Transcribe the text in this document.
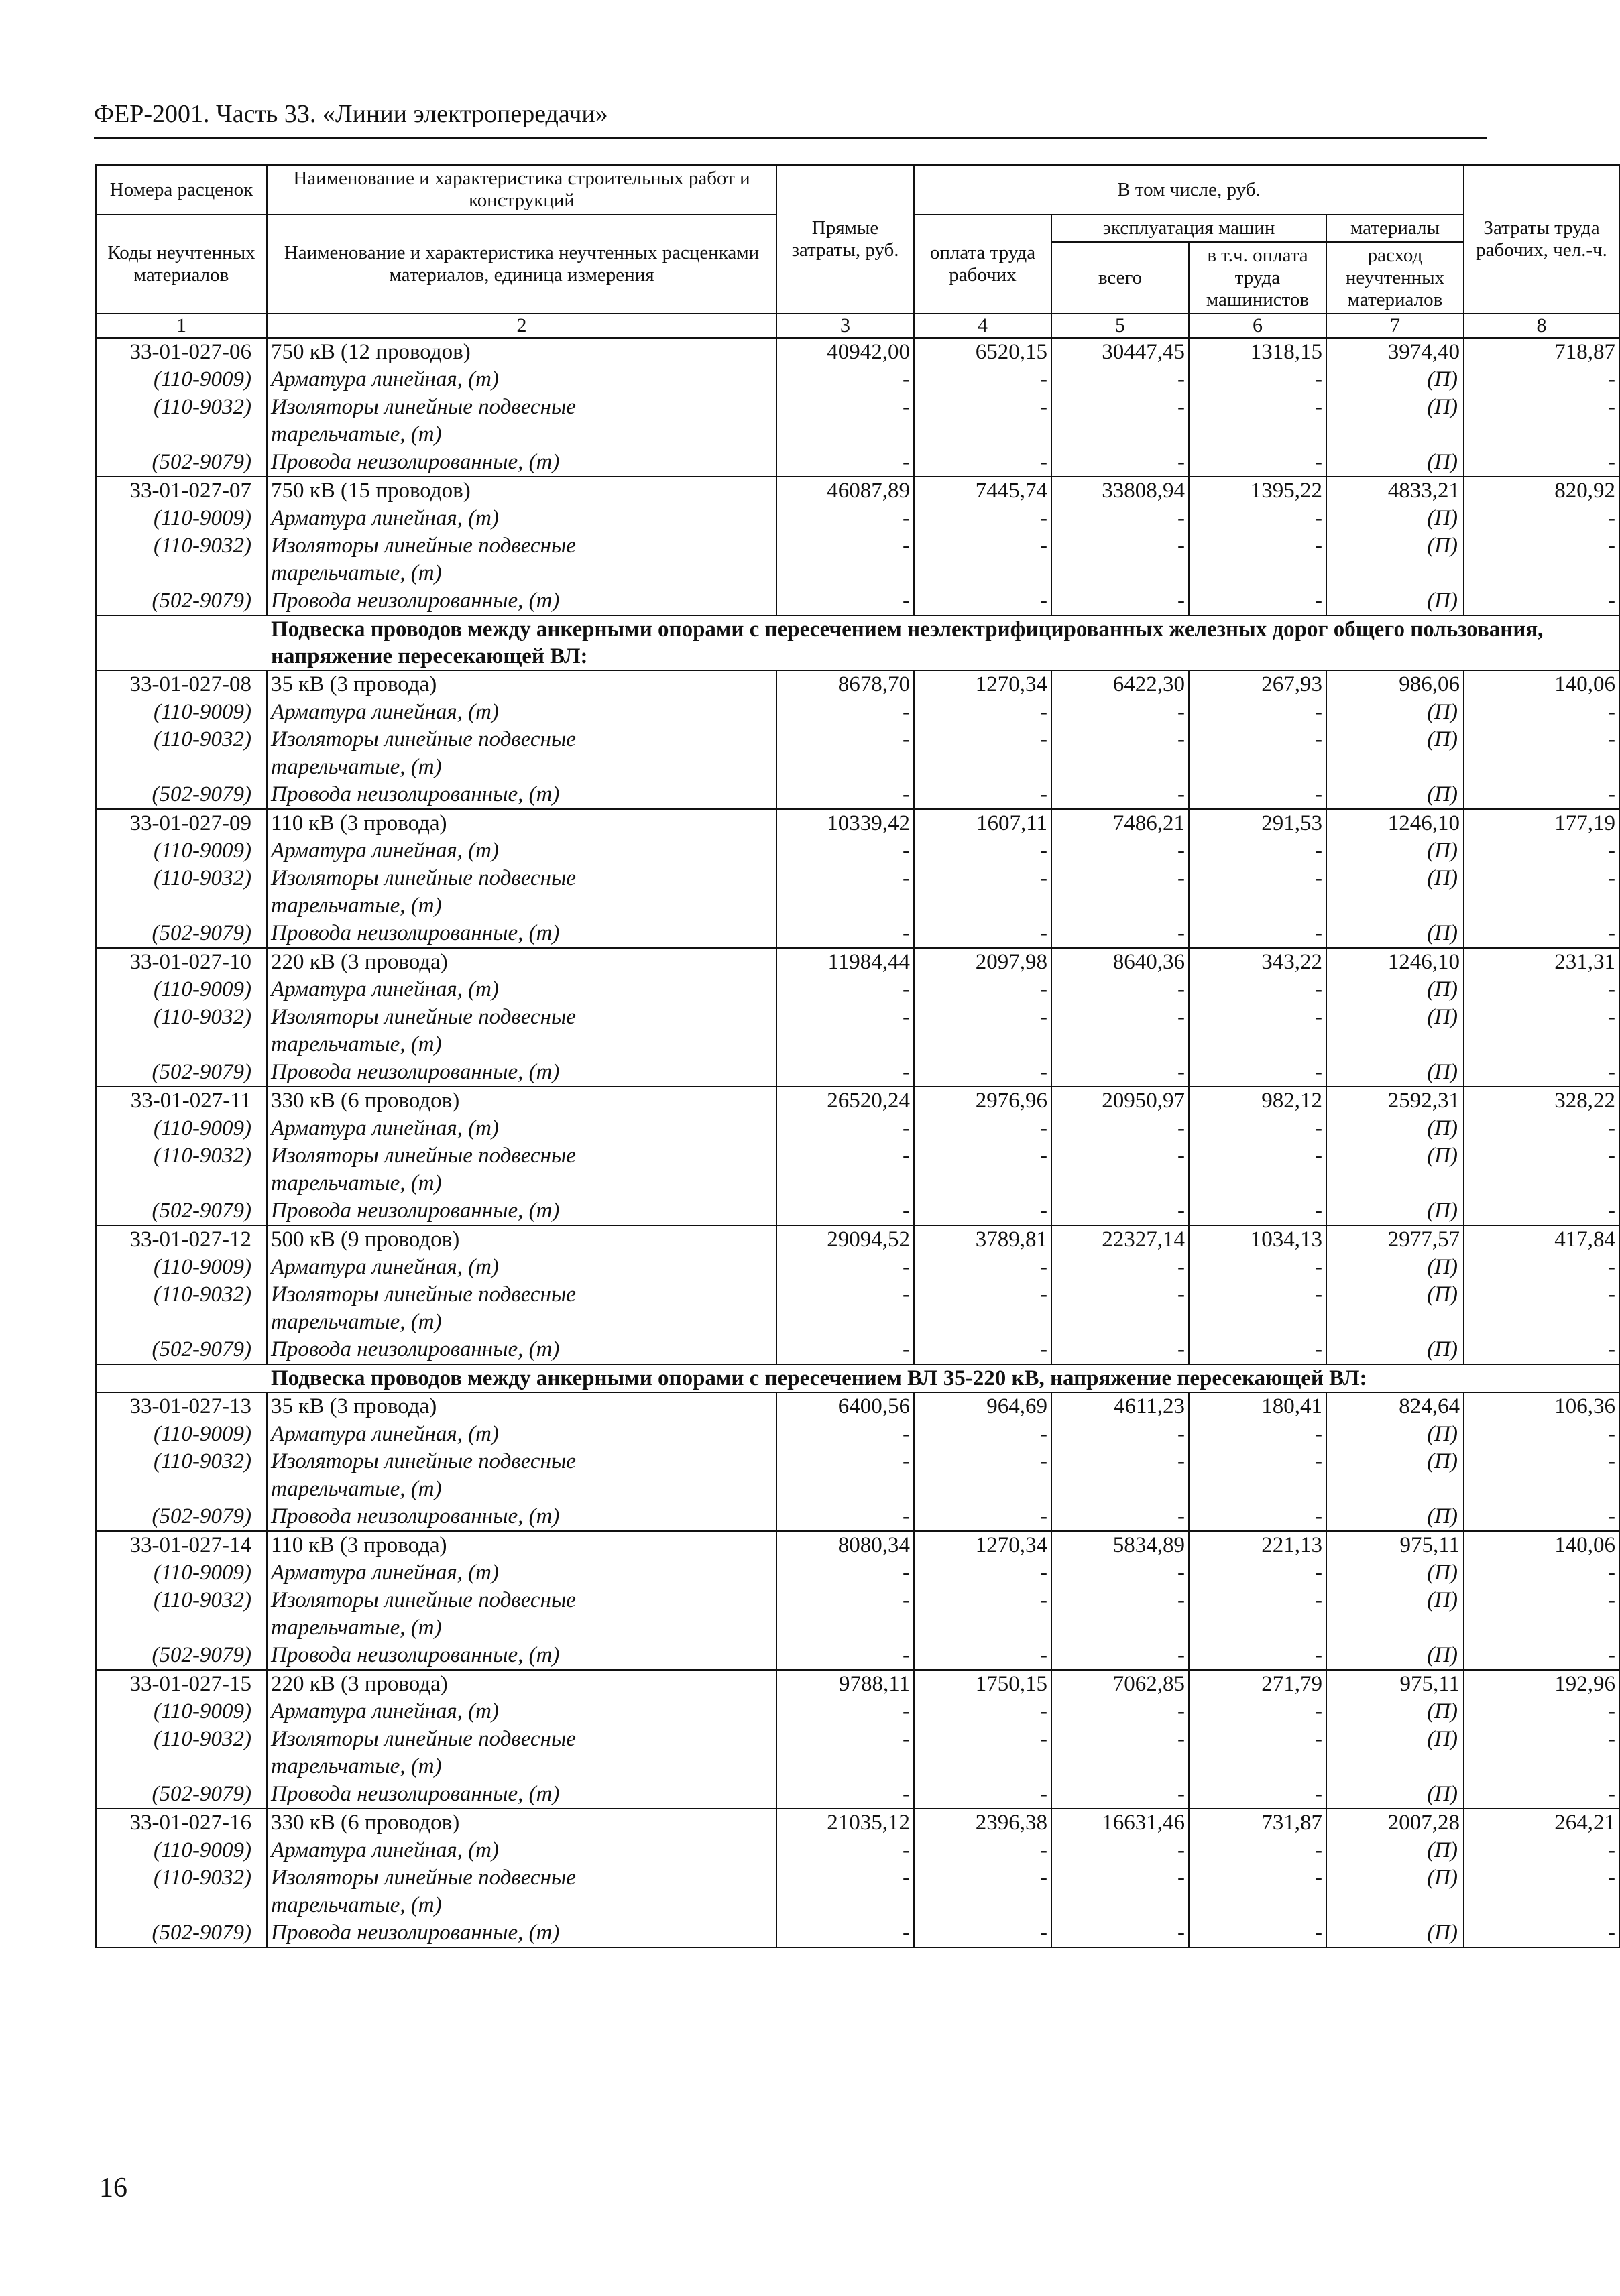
ФЕР-2001. Часть 33. «Линии электропередачи»
Номера расценок	Наименование и характеристика строительных работ и конструкций	Прямые затраты, руб.	В том числе, руб.				Затраты труда рабочих, чел.-ч.
Коды неучтенных материалов	Наименование и характеристика неучтенных расценками материалов, единица измерения		оплата труда рабочих	эксплуатация машин		материалы	
				всего	в т.ч. оплата труда машинистов	расход неучтенных материалов	
1	2	3	4	5	6	7	8
33-01-027-06	750 кВ (12 проводов)	40942,00	6520,15	30447,45	1318,15	3974,40	718,87
(110-9009)	Арматура линейная, (т)	-	-	-	-	(П)	-
(110-9032)	Изоляторы линейные подвесные	-	-	-	-	(П)	-
	тарельчатые, (т)						
(502-9079)	Провода неизолированные, (т)	-	-	-	-	(П)	-
33-01-027-07	750 кВ (15 проводов)	46087,89	7445,74	33808,94	1395,22	4833,21	820,92
(110-9009)	Арматура линейная, (т)	-	-	-	-	(П)	-
(110-9032)	Изоляторы линейные подвесные	-	-	-	-	(П)	-
	тарельчатые, (т)						
(502-9079)	Провода неизолированные, (т)	-	-	-	-	(П)	-
Подвеска проводов между анкерными опорами с пересечением неэлектрифицированных железных дорог общего пользования, напряжение пересекающей ВЛ:							
33-01-027-08	35 кВ (3 провода)	8678,70	1270,34	6422,30	267,93	986,06	140,06
(110-9009)	Арматура линейная, (т)	-	-	-	-	(П)	-
(110-9032)	Изоляторы линейные подвесные	-	-	-	-	(П)	-
	тарельчатые, (т)						
(502-9079)	Провода неизолированные, (т)	-	-	-	-	(П)	-
33-01-027-09	110 кВ (3 провода)	10339,42	1607,11	7486,21	291,53	1246,10	177,19
(110-9009)	Арматура линейная, (т)	-	-	-	-	(П)	-
(110-9032)	Изоляторы линейные подвесные	-	-	-	-	(П)	-
	тарельчатые, (т)						
(502-9079)	Провода неизолированные, (т)	-	-	-	-	(П)	-
33-01-027-10	220 кВ (3 провода)	11984,44	2097,98	8640,36	343,22	1246,10	231,31
(110-9009)	Арматура линейная, (т)	-	-	-	-	(П)	-
(110-9032)	Изоляторы линейные подвесные	-	-	-	-	(П)	-
	тарельчатые, (т)						
(502-9079)	Провода неизолированные, (т)	-	-	-	-	(П)	-
33-01-027-11	330 кВ (6 проводов)	26520,24	2976,96	20950,97	982,12	2592,31	328,22
(110-9009)	Арматура линейная, (т)	-	-	-	-	(П)	-
(110-9032)	Изоляторы линейные подвесные	-	-	-	-	(П)	-
	тарельчатые, (т)						
(502-9079)	Провода неизолированные, (т)	-	-	-	-	(П)	-
33-01-027-12	500 кВ (9 проводов)	29094,52	3789,81	22327,14	1034,13	2977,57	417,84
(110-9009)	Арматура линейная, (т)	-	-	-	-	(П)	-
(110-9032)	Изоляторы линейные подвесные	-	-	-	-	(П)	-
	тарельчатые, (т)						
(502-9079)	Провода неизолированные, (т)	-	-	-	-	(П)	-
Подвеска проводов между анкерными опорами с пересечением ВЛ 35-220 кВ, напряжение пересекающей ВЛ:							
33-01-027-13	35 кВ (3 провода)	6400,56	964,69	4611,23	180,41	824,64	106,36
(110-9009)	Арматура линейная, (т)	-	-	-	-	(П)	-
(110-9032)	Изоляторы линейные подвесные	-	-	-	-	(П)	-
	тарельчатые, (т)						
(502-9079)	Провода неизолированные, (т)	-	-	-	-	(П)	-
33-01-027-14	110 кВ (3 провода)	8080,34	1270,34	5834,89	221,13	975,11	140,06
(110-9009)	Арматура линейная, (т)	-	-	-	-	(П)	-
(110-9032)	Изоляторы линейные подвесные	-	-	-	-	(П)	-
	тарельчатые, (т)						
(502-9079)	Провода неизолированные, (т)	-	-	-	-	(П)	-
33-01-027-15	220 кВ (3 провода)	9788,11	1750,15	7062,85	271,79	975,11	192,96
(110-9009)	Арматура линейная, (т)	-	-	-	-	(П)	-
(110-9032)	Изоляторы линейные подвесные	-	-	-	-	(П)	-
	тарельчатые, (т)						
(502-9079)	Провода неизолированные, (т)	-	-	-	-	(П)	-
33-01-027-16	330 кВ (6 проводов)	21035,12	2396,38	16631,46	731,87	2007,28	264,21
(110-9009)	Арматура линейная, (т)	-	-	-	-	(П)	-
(110-9032)	Изоляторы линейные подвесные	-	-	-	-	(П)	-
	тарельчатые, (т)						
(502-9079)	Провода неизолированные, (т)	-	-	-	-	(П)	-
16
